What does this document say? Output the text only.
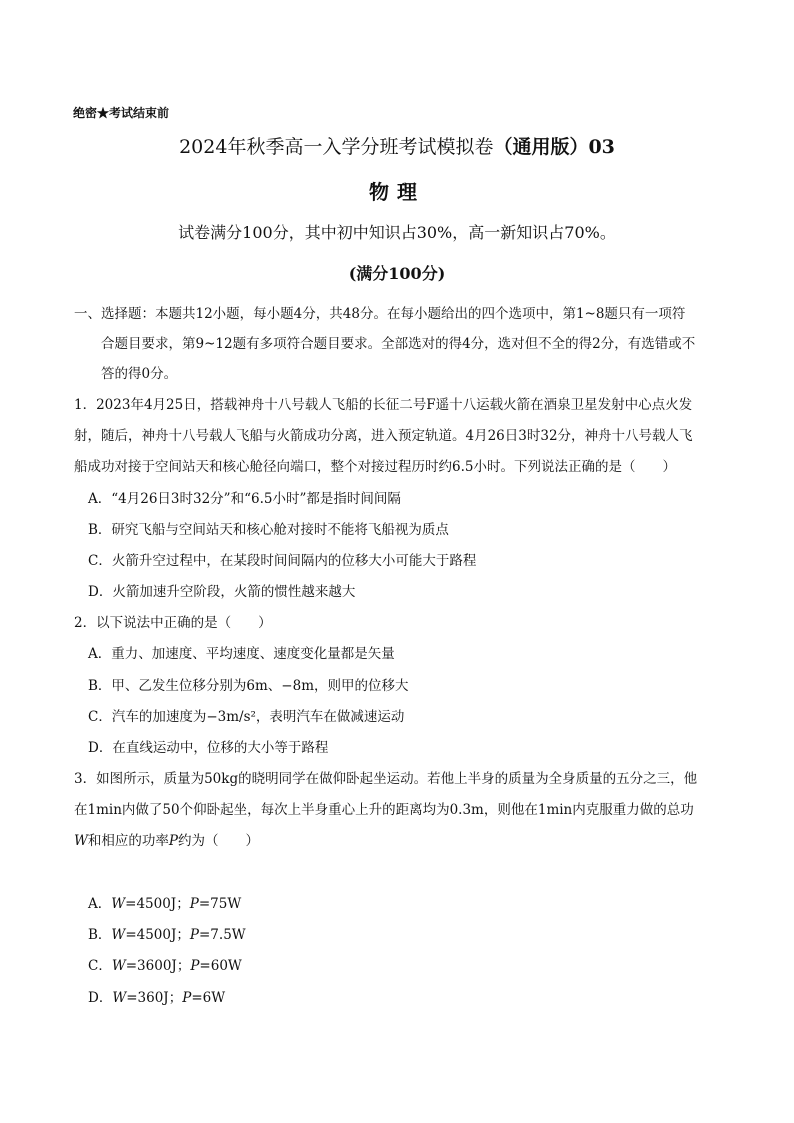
绝密★考试结束前
2024年秋季高一入学分班考试模拟卷（通用版）03
物理
试卷满分100分，其中初中知识占30%，高一新知识占70%。
(满分100分)
一、选择题：本题共12小题，每小题4分，共48分。在每小题给出的四个选项中，第1~8题只有一项符
合题目要求，第9~12题有多项符合题目要求。全部选对的得4分，选对但不全的得2分，有选错或不
答的得0分。
1．2023年4月25日，搭载神舟十八号载人飞船的长征二号F遥十八运载火箭在酒泉卫星发射中心点火发
射，随后，神舟十八号载人飞船与火箭成功分离，进入预定轨道。4月26日3时32分，神舟十八号载人飞
船成功对接于空间站天和核心舱径向端口，整个对接过程历时约6.5小时。下列说法正确的是（　　）
A．“4月26日3时32分”和“6.5小时”都是指时间间隔
B．研究飞船与空间站天和核心舱对接时不能将飞船视为质点
C．火箭升空过程中，在某段时间间隔内的位移大小可能大于路程
D．火箭加速升空阶段，火箭的惯性越来越大
2．以下说法中正确的是（　　）
A．重力、加速度、平均速度、速度变化量都是矢量
B．甲、乙发生位移分别为6m、−8m，则甲的位移大
C．汽车的加速度为−3m/s²，表明汽车在做减速运动
D．在直线运动中，位移的大小等于路程
3．如图所示，质量为50kg的晓明同学在做仰卧起坐运动。若他上半身的质量为全身质量的五分之三，他
在1min内做了50个仰卧起坐，每次上半身重心上升的距离均为0.3m，则他在1min内克服重力做的总功
W和相应的功率P约为（　　）
A．W=4500J；P=75W
B．W=4500J；P=7.5W
C．W=3600J；P=60W
D．W=360J；P=6W
